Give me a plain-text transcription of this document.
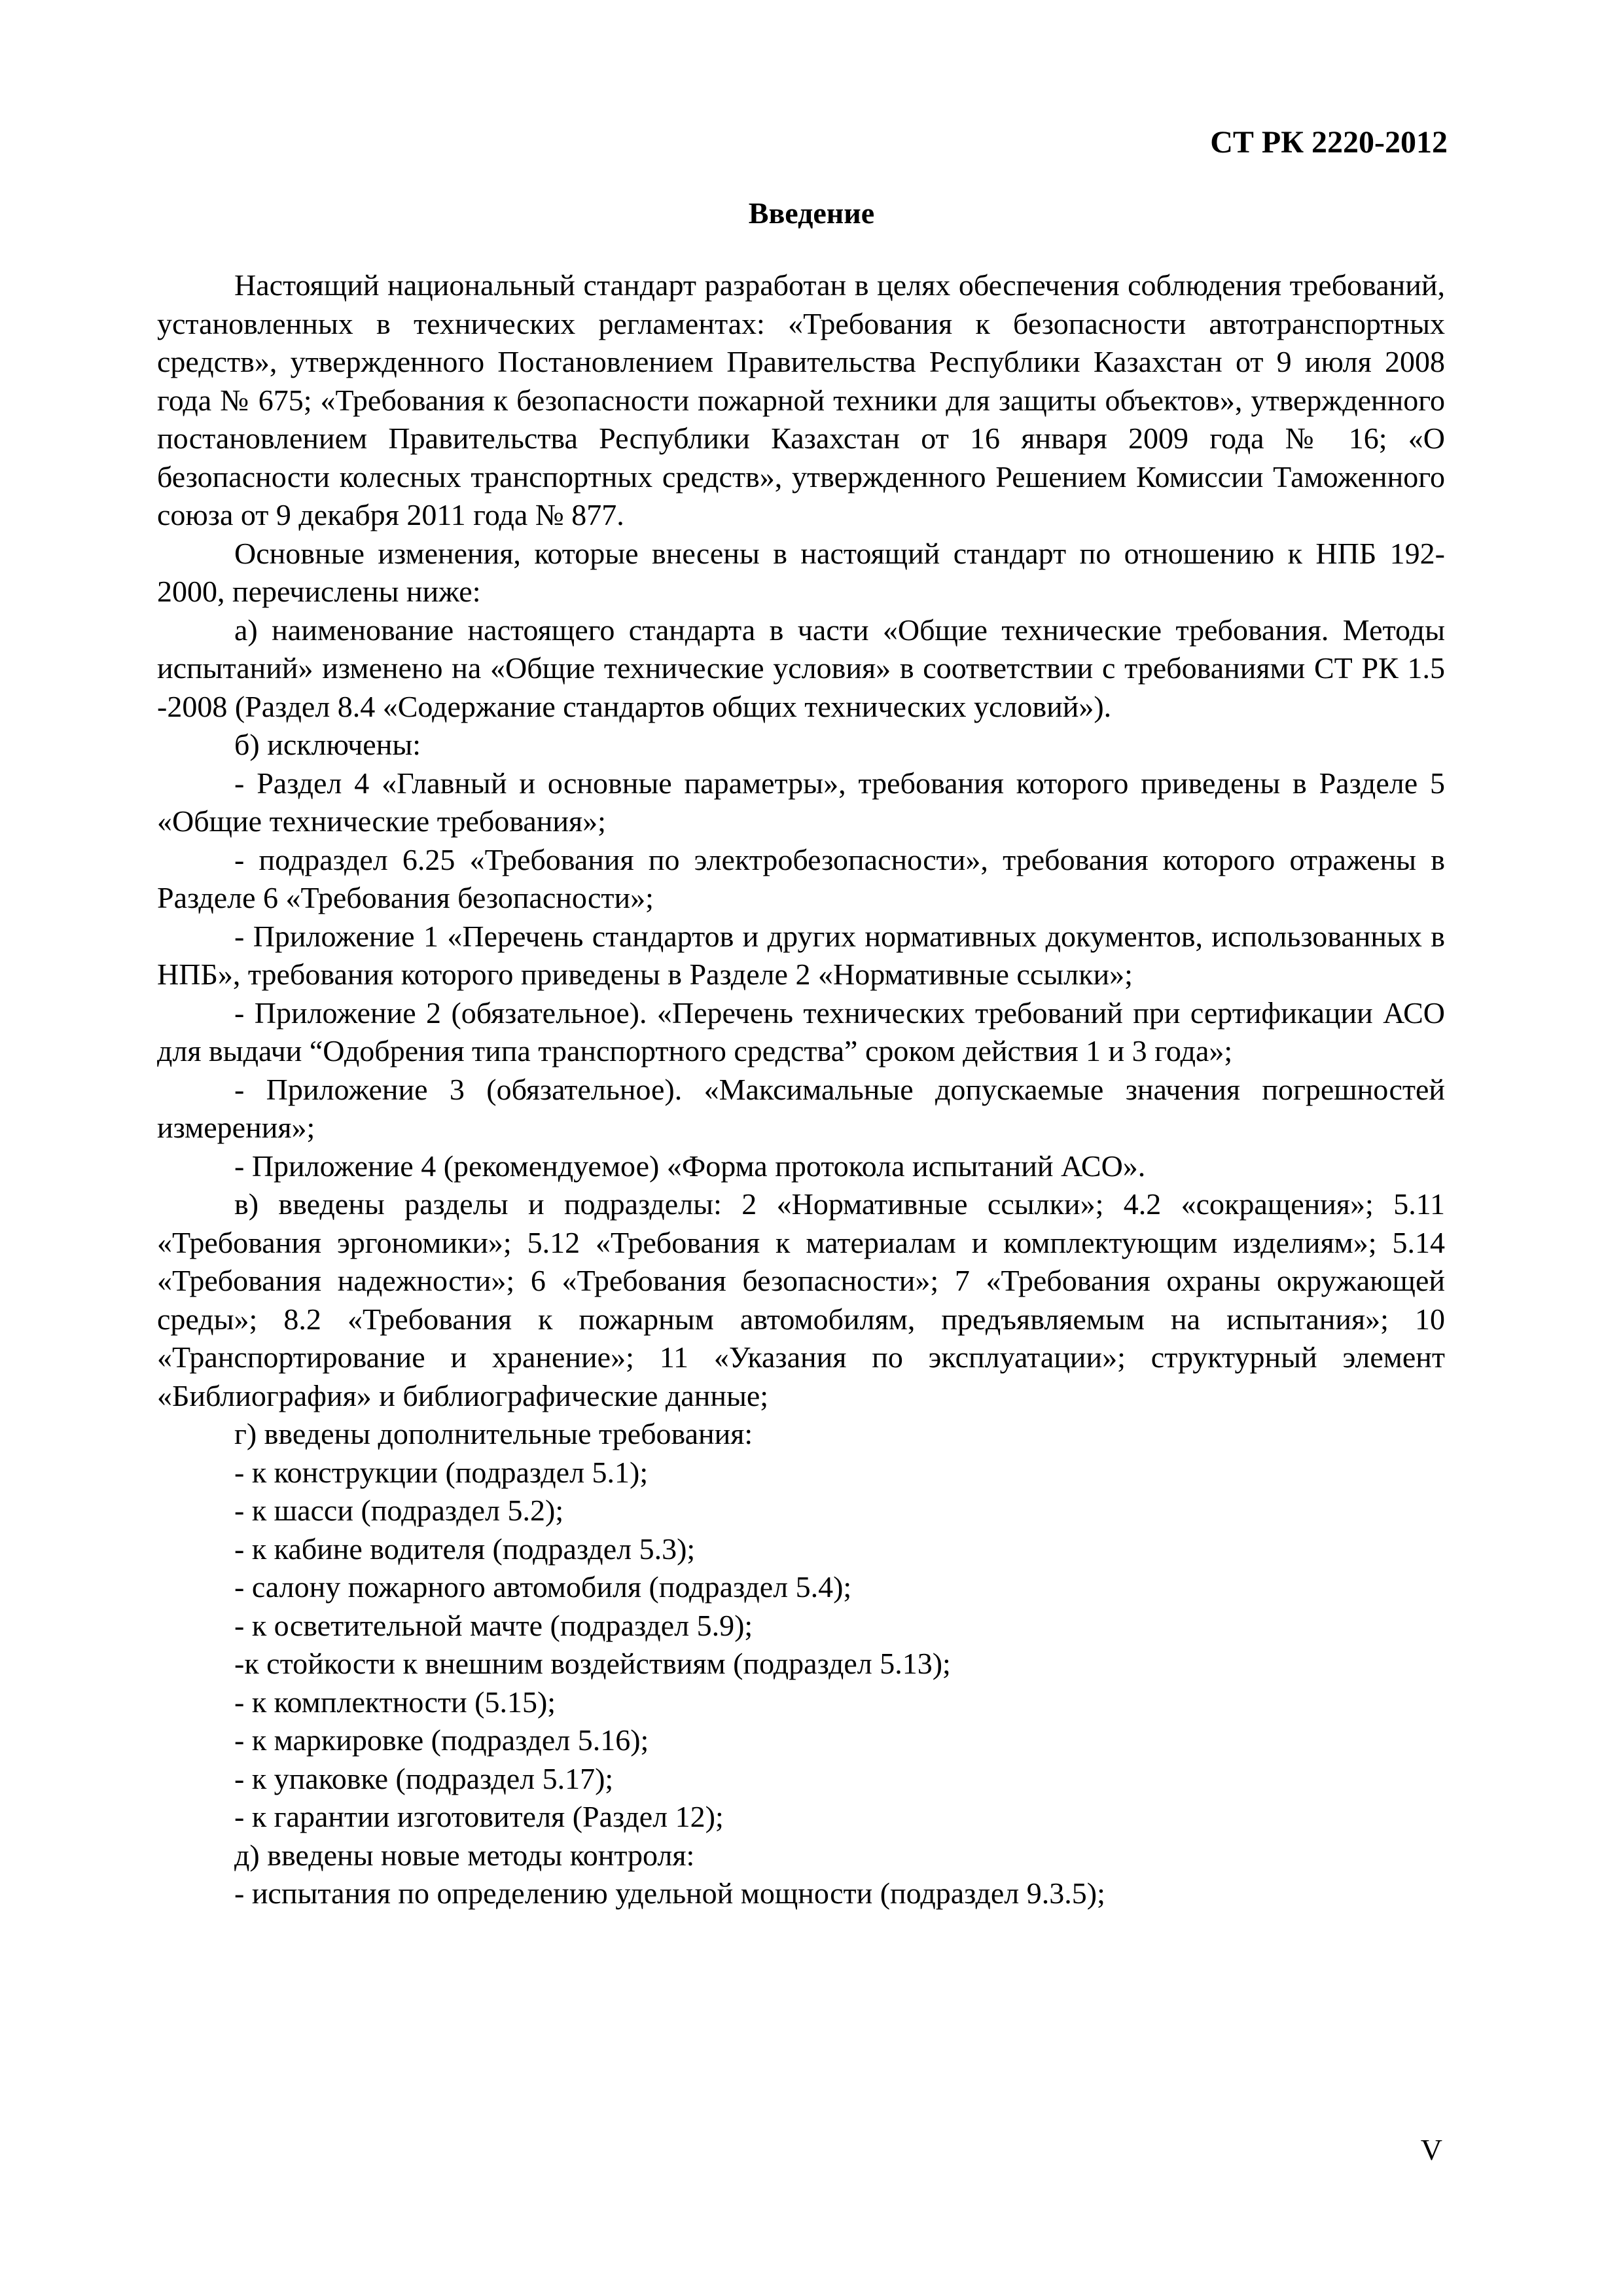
СТ РК 2220-2012
Введение

Настоящий национальный стандарт разработан в целях обеспечения соблюдения требований, установленных в технических регламентах: «Требования к безопасности автотранспортных средств», утвержденного Постановлением Правительства Республики Казахстан от 9 июля 2008 года № 675; «Требования к безопасности пожарной техники для защиты объектов», утвержденного постановлением Правительства Республики Казахстан от 16 января 2009 года № 16; «О безопасности колесных транспортных средств», утвержденного Решением Комиссии Таможенного союза от 9 декабря 2011 года № 877.

Основные изменения, которые внесены в настоящий стандарт по отношению к НПБ 192-2000, перечислены ниже:

а) наименование настоящего стандарта в части «Общие технические требования. Методы испытаний» изменено на «Общие технические условия» в соответствии с требованиями СТ РК 1.5 -2008 (Раздел 8.4 «Содержание стандартов общих технических условий»).

б) исключены:

- Раздел 4 «Главный и основные параметры», требования которого приведены в Разделе 5 «Общие технические требования»;

- подраздел 6.25 «Требования по электробезопасности», требования которого отражены в Разделе 6 «Требования безопасности»;

- Приложение 1 «Перечень стандартов и других нормативных документов, использованных в НПБ», требования которого приведены в Разделе 2 «Нормативные ссылки»;

- Приложение 2 (обязательное). «Перечень технических требований при сертификации АСО для выдачи “Одобрения типа транспортного средства” сроком действия 1 и 3 года»;

- Приложение 3 (обязательное). «Максимальные допускаемые значения погрешностей измерения»;

- Приложение 4 (рекомендуемое) «Форма протокола испытаний АСО».

в) введены разделы и подразделы: 2 «Нормативные ссылки»; 4.2 «сокращения»; 5.11 «Требования эргономики»; 5.12 «Требования к материалам и комплектующим изделиям»; 5.14 «Требования надежности»; 6 «Требования безопасности»; 7 «Требования охраны окружающей среды»; 8.2 «Требования к пожарным автомобилям, предъявляемым на испытания»; 10 «Транспортирование и хранение»; 11 «Указания по эксплуатации»; структурный элемент «Библиография» и библиографические данные;

г) введены дополнительные требования:

- к конструкции (подраздел 5.1);

- к шасси (подраздел 5.2);

- к кабине водителя (подраздел 5.3);

- салону пожарного автомобиля (подраздел 5.4);

- к осветительной мачте (подраздел 5.9);

-к стойкости к внешним воздействиям (подраздел 5.13);

- к комплектности (5.15);

- к маркировке (подраздел 5.16);

- к упаковке (подраздел 5.17);

- к гарантии изготовителя (Раздел 12);

д) введены новые методы контроля:

- испытания по определению удельной мощности (подраздел 9.3.5);

V
